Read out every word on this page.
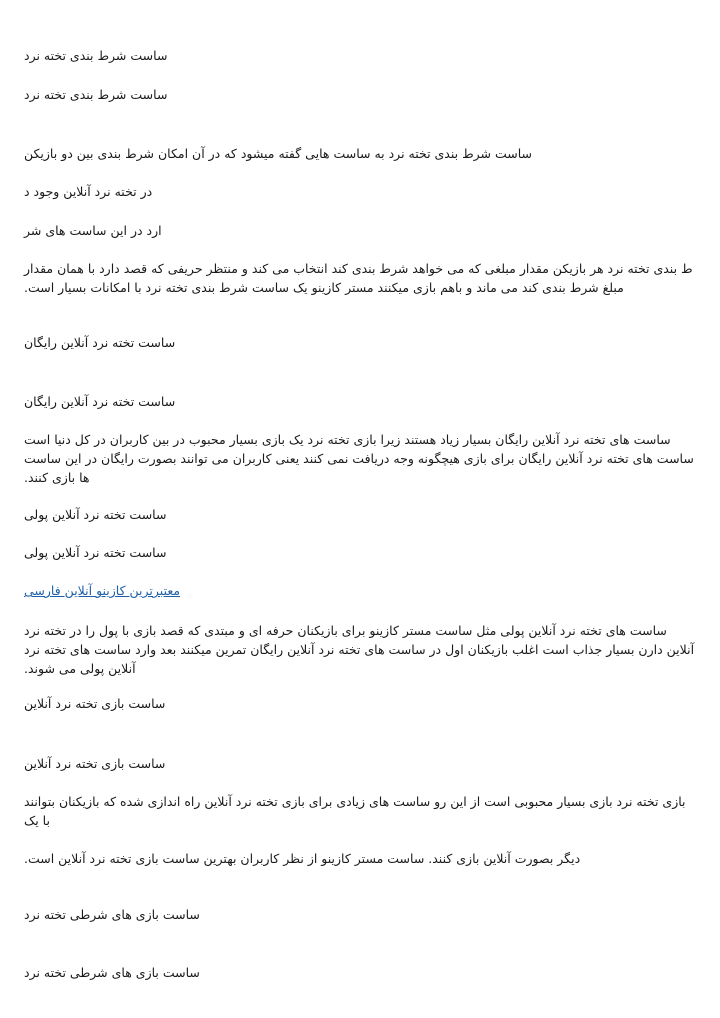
ساست شرط بندی تخته نرد
ساست شرط بندی تخته نرد
ساست شرط بندی تخته نرد به ساست هایی گفته میشود که در آن امکان شرط بندی بین دو بازیکن
در تخته نرد آنلاین وجود د
ارد در این ساست های شر
ط بندی تخته نرد هر بازیکن مقدار مبلغی که می خواهد شرط بندی کند انتخاب می کند و منتظر حریفی که قصد دارد با همان مقدار مبلغ شرط بندی کند می ماند و باهم بازی میکنند مستر کازینو یک ساست شرط بندی تخته نرد با امکانات بسیار است.
ساست تخته نرد آنلاین رایگان
ساست تخته نرد آنلاین رایگان
ساست های تخته نرد آنلاین رایگان بسیار زیاد هستند زیرا بازی تخته نرد یک بازی بسیار محبوب در بین کاربران در کل دنیا است ساست های تخته نرد آنلاین رایگان برای بازی هیچگونه وجه دریافت نمی کنند یعنی کاربران می توانند بصورت رایگان در این ساست ها بازی کنند.
ساست تخته نرد آنلاین پولی
ساست تخته نرد آنلاین پولی
معتبرترین کازینو آنلاین فارسی
ساست های تخته نرد آنلاین پولی مثل ساست مستر کازینو برای بازیکنان حرفه ای و مبتدی که قصد بازی با پول را در تخته نرد آنلاین دارن بسیار جذاب است اغلب بازیکنان اول در ساست های تخته نرد آنلاین رایگان تمرین میکنند بعد وارد ساست های تخته نرد آنلاین پولی می شوند.
ساست بازی تخته نرد آنلاین
ساست بازی تخته نرد آنلاین
بازی تخته نرد بازی بسیار محبوبی است از این رو ساست های زیادی برای بازی تخته نرد آنلاین راه اندازی شده که بازیکنان بتوانند با یک
دیگر بصورت آنلاین بازی کنند. ساست مستر کازینو از نظر کاربران بهترین ساست بازی تخته نرد آنلاین است.
ساست بازی های شرطی تخته نرد
ساست بازی های شرطی تخته نرد
